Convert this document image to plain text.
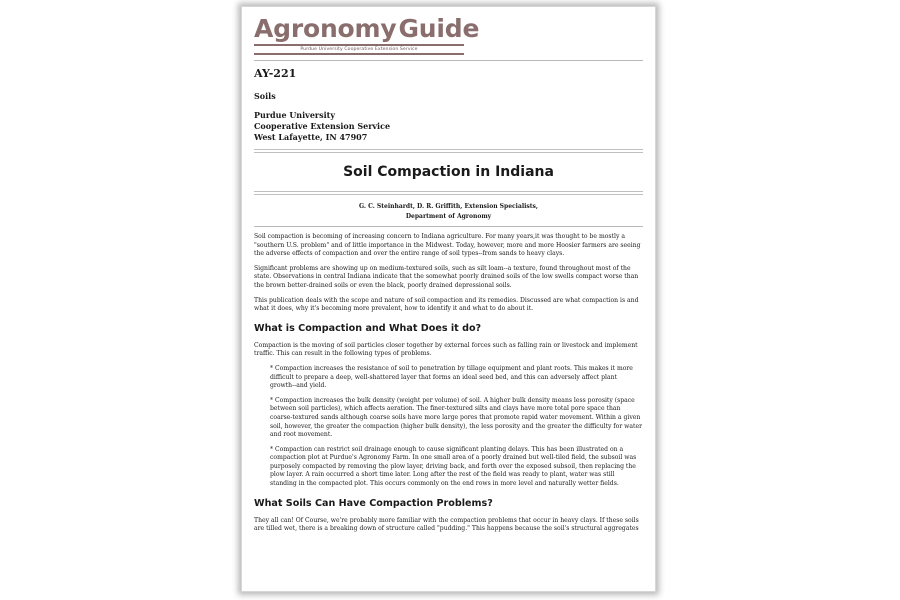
Agronomy Guide
Purdue University Cooperative Extension Service
AY-221
Soils
Purdue University
Cooperative Extension Service
West Lafayette, IN 47907
Soil Compaction in Indiana
G. C. Steinhardt, D. R. Griffith, Extension Specialists,
Department of Agronomy

Soil compaction is becoming of increasing concern to Indiana agriculture. For many years,it was thought to be mostly a "southern U.S. problem" and of little importance in the Midwest. Today, however, more and more Hoosier farmers are seeing the adverse effects of compaction and over the entire range of soil types--from sands to heavy clays.

Significant problems are showing up on medium-textured soils, such as silt loam--a texture, found throughout most of the state. Observations in central Indiana indicate that the somewhat poorly drained soils of the low swells compact worse than the brown better-drained soils or even the black, poorly drained depressional soils.

This publication deals with the scope and nature of soil compaction and its remedies. Discussed are what compaction is and what it does, why it's becoming more prevalent, how to identify it and what to do about it.

What is Compaction and What Does it do?

Compaction is the moving of soil particles closer together by external forces such as falling rain or livestock and implement traffic. This can result in the following types of problems.

* Compaction increases the resistance of soil to penetration by tillage equipment and plant roots. This makes it more difficult to prepare a deep, well-shattered layer that forms an ideal seed bed, and this can adversely affect plant growth--and yield.

* Compaction increases the bulk density (weight per volume) of soil. A higher bulk density means less porosity (space between soil particles), which affects aeration. The finer-textured silts and clays have more total pore space than coarse-textured sands although coarse soils have more large pores that promote rapid water movement. Within a given soil, however, the greater the compaction (higher bulk density), the less porosity and the greater the difficulty for water and root movement.

* Compaction can restrict soil drainage enough to cause significant planting delays. This has been illustrated on a compaction plot at Purdue's Agronomy Farm. In one small area of a poorly drained but well-tiled field, the subsoil was purposely compacted by removing the plow layer, driving back, and forth over the exposed subsoil, then replacing the plow layer. A rain occurred a short time later. Long after the rest of the field was ready to plant, water was still standing in the compacted plot. This occurs commonly on the end rows in more level and naturally wetter fields.

What Soils Can Have Compaction Problems?

They all can! Of Course, we're probably more familiar with the compaction problems that occur in heavy clays. If these soils are tilled wet, there is a breaking down of structure called "pudding." This happens because the soil's structural aggregates
